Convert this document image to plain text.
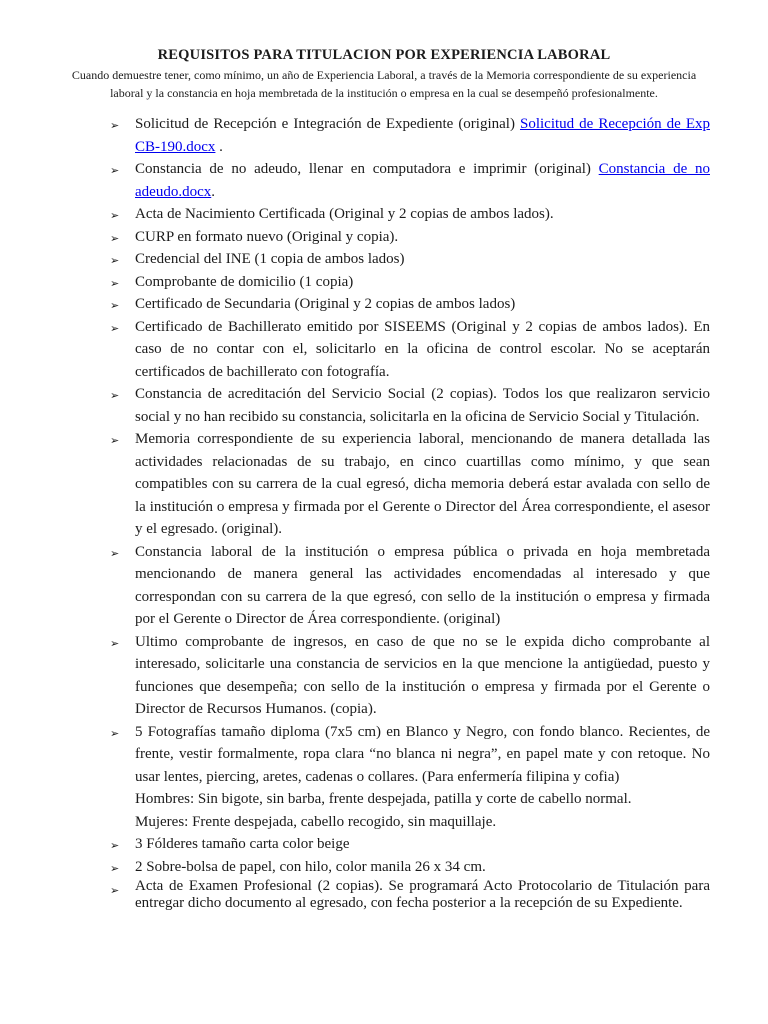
REQUISITOS PARA TITULACION POR EXPERIENCIA LABORAL

Cuando demuestre tener, como mínimo, un año de Experiencia Laboral, a través de la Memoria correspondiente de su experiencia laboral y la constancia en hoja membretada de la institución o empresa en la cual se desempeñó profesionalmente.

➢ Solicitud de Recepción e Integración de Expediente (original) Solicitud de Recepción de Exp CB-190.docx .
➢ Constancia de no adeudo, llenar en computadora e imprimir (original) Constancia de no adeudo.docx.
➢ Acta de Nacimiento Certificada (Original y 2 copias de ambos lados).
➢ CURP en formato nuevo (Original y copia).
➢ Credencial del INE (1 copia de ambos lados)
➢ Comprobante de domicilio (1 copia)
➢ Certificado de Secundaria (Original y 2 copias de ambos lados)
➢ Certificado de Bachillerato emitido por SISEEMS (Original y 2 copias de ambos lados). En caso de no contar con el, solicitarlo en la oficina de control escolar. No se aceptarán certificados de bachillerato con fotografía.
➢ Constancia de acreditación del Servicio Social (2 copias). Todos los que realizaron servicio social y no han recibido su constancia, solicitarla en la oficina de Servicio Social y Titulación.
➢ Memoria correspondiente de su experiencia laboral, mencionando de manera detallada las actividades relacionadas de su trabajo, en cinco cuartillas como mínimo, y que sean compatibles con su carrera de la cual egresó, dicha memoria deberá estar avalada con sello de la institución o empresa y firmada por el Gerente o Director del Área correspondiente, el asesor y el egresado. (original).
➢ Constancia laboral de la institución o empresa pública o privada en hoja membretada mencionando de manera general las actividades encomendadas al interesado y que correspondan con su carrera de la que egresó, con sello de la institución o empresa y firmada por el Gerente o Director de Área correspondiente. (original)
➢ Ultimo comprobante de ingresos, en caso de que no se le expida dicho comprobante al interesado, solicitarle una constancia de servicios en la que mencione la antigüedad, puesto y funciones que desempeña; con sello de la institución o empresa y firmada por el Gerente o Director de Recursos Humanos. (copia).
➢ 5 Fotografías tamaño diploma (7x5 cm) en Blanco y Negro, con fondo blanco. Recientes, de frente, vestir formalmente, ropa clara “no blanca ni negra”, en papel mate y con retoque. No usar lentes, piercing, aretes, cadenas o collares. (Para enfermería filipina y cofia)
Hombres: Sin bigote, sin barba, frente despejada, patilla y corte de cabello normal.
Mujeres: Frente despejada, cabello recogido, sin maquillaje.
➢ 3 Fólderes tamaño carta color beige
➢ 2 Sobre-bolsa de papel, con hilo, color manila 26 x 34 cm.
➢ Acta de Examen Profesional (2 copias). Se programará Acto Protocolario de Titulación para entregar dicho documento al egresado, con fecha posterior a la recepción de su Expediente.
